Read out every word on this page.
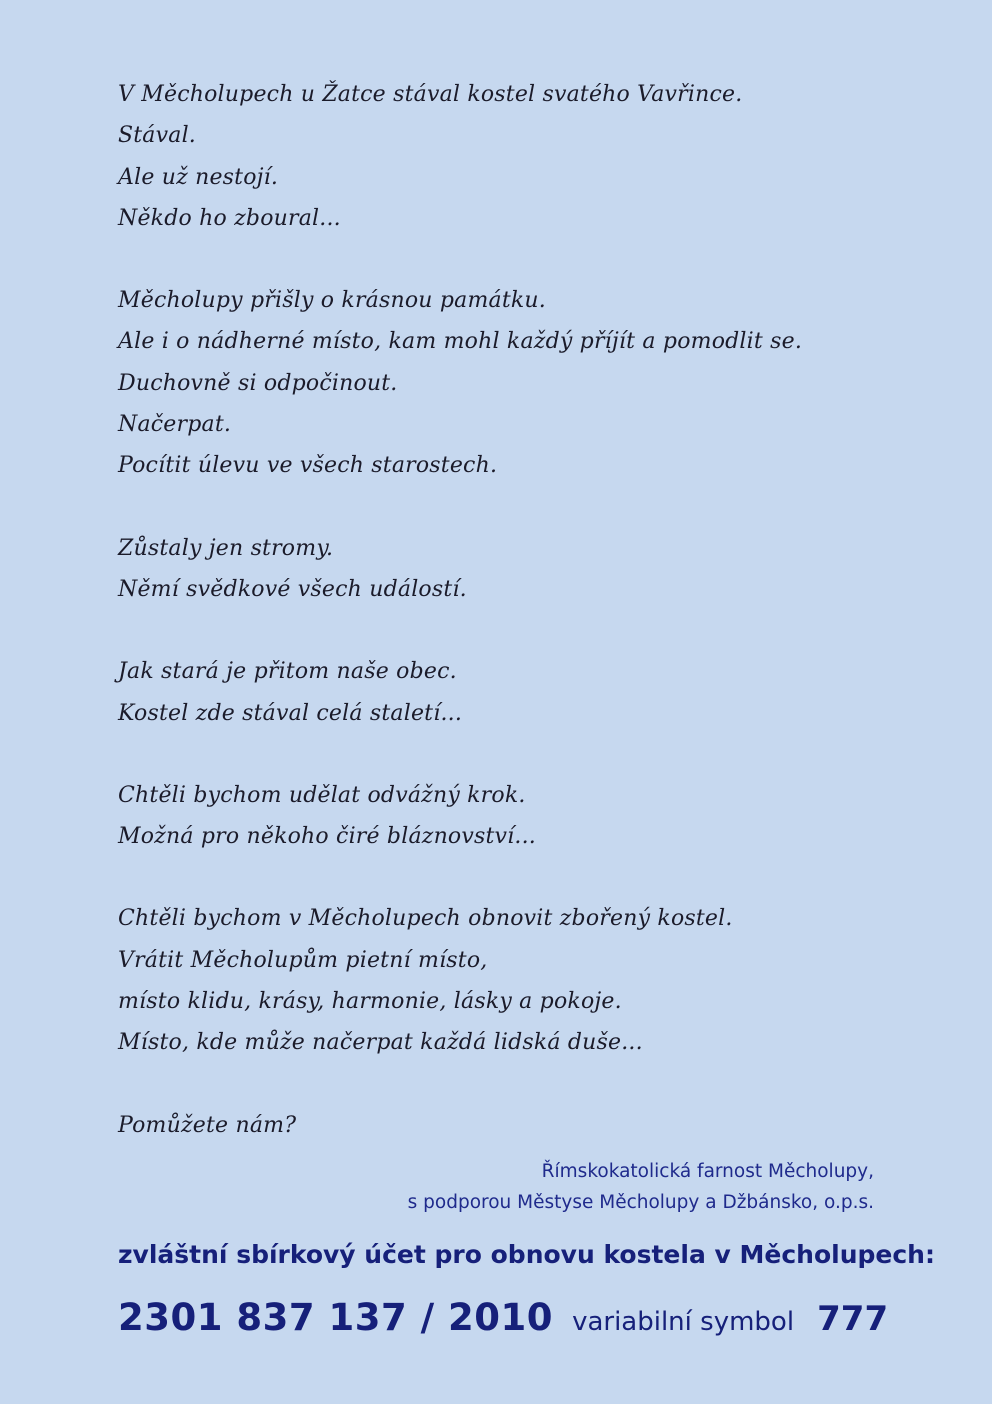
V Měcholupech u Žatce stával kostel svatého Vavřince.
Stával.
Ale už nestojí.
Někdo ho zboural...
Měcholupy přišly o krásnou památku.
Ale i o nádherné místo, kam mohl každý příjít a pomodlit se.
Duchovně si odpočinout.
Načerpat.
Pocítit úlevu ve všech starostech.
Zůstaly jen stromy.
Němí svědkové všech událostí.
Jak stará je přitom naše obec.
Kostel zde stával celá staletí...
Chtěli bychom udělat odvážný krok.
Možná pro někoho čiré bláznovství...
Chtěli bychom v Měcholupech obnovit zbořený kostel.
Vrátit Měcholupům pietní místo,
místo klidu, krásy, harmonie, lásky a pokoje.
Místo, kde může načerpat každá lidská duše...
Pomůžete nám?
Římskokatolická farnost Měcholupy,
s podporou Městyse Měcholupy a Džbánsko, o.p.s.
zvláštní sbírkový účet pro obnovu kostela v Měcholupech:
2301 837 137 / 2010 variabilní symbol 777
